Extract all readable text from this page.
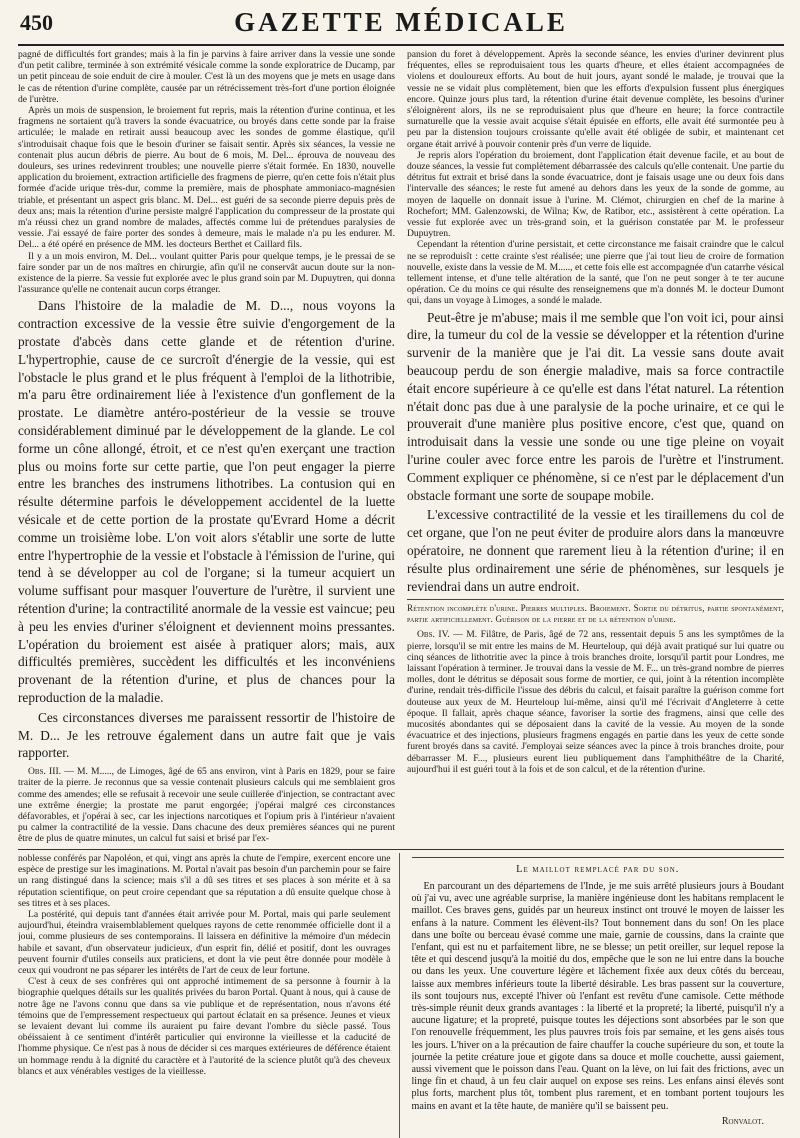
450	GAZETTE MÉDICALE

pagné de difficultés fort grandes; mais à la fin je parvins à faire arriver dans la vessie une sonde d'un petit calibre, terminée à son extrémité vésicale comme la sonde exploratrice de Ducamp, par un petit pinceau de soie enduit de cire à mouler. C'est là un des moyens que je mets en usage dans le cas de rétention d'urine complète, causée par un rétrécissement très-fort d'une portion éloignée de l'urètre.

Après un mois de suspension, le broiement fut repris, mais la rétention d'urine continua, et les fragmens ne sortaient qu'à travers la sonde évacuatrice, ou broyés dans cette sonde par la fraise articulée; le malade en retirait aussi beaucoup avec les sondes de gomme élastique, qu'il s'introduisait chaque fois que le besoin d'uriner se faisait sentir. Après six séances, la vessie ne contenait plus aucun débris de pierre. Au bout de 6 mois, M. Del... éprouva de nouveau des douleurs, ses urines redevinrent troubles; une nouvelle pierre s'était formée. En 1830, nouvelle application du broiement, extraction artificielle des fragmens de pierre, qu'en cette fois n'était plus formée d'acide urique très-dur, comme la première, mais de phosphate ammoniaco-magnésien triable, et présentant un aspect gris blanc. M. Del... est guéri de sa seconde pierre depuis près de deux ans; mais la rétention d'urine persiste malgré l'application du compresseur de la prostate qui m'a réussi chez un grand nombre de malades, affectés comme lui de prétendues paralysies de vessie. J'ai essayé de faire porter des sondes à demeure, mais le malade n'a pu les endurer. M. Del... a été opéré en présence de MM. les docteurs Berthet et Caillard fils.

Il y a un mois environ, M. Del... voulant quitter Paris pour quelque temps, je le pressai de se faire sonder par un de nos maîtres en chirurgie, afin qu'il ne conservât aucun doute sur la non-existence de la pierre. Sa vessie fut explorée avec le plus grand soin par M. Dupuytren, qui donna l'assurance qu'elle ne contenait aucun corps étranger.

Dans l'histoire de la maladie de M. D..., nous voyons la contraction excessive de la vessie être suivie d'engorgement de la prostate d'abcès dans cette glande et de rétention d'urine. L'hypertrophie, cause de ce surcroît d'énergie de la vessie, qui est l'obstacle le plus grand et le plus fréquent à l'emploi de la lithotribie, m'a paru être ordinairement liée à l'existence d'un gonflement de la prostate. Le diamètre antéro-postérieur de la vessie se trouve considérablement diminué par le développement de la glande. Le col forme un cône allongé, étroit, et ce n'est qu'en exerçant une traction plus ou moins forte sur cette partie, que l'on peut engager la pierre entre les branches des instrumens lithotribes. La contusion qui en résulte détermine parfois le développement accidentel de la luette vésicale et de cette portion de la prostate qu'Evrard Home a décrit comme un troisième lobe. L'on voit alors s'établir une sorte de lutte entre l'hypertrophie de la vessie et l'obstacle à l'émission de l'urine, qui tend à se développer au col de l'organe; si la tumeur acquiert un volume suffisant pour masquer l'ouverture de l'urètre, il survient une rétention d'urine; la contractilité anormale de la vessie est vaincue; peu à peu les envies d'uriner s'éloignent et deviennent moins pressantes. L'opération du broiement est aisée à pratiquer alors; mais, aux difficultés premières, succèdent les difficultés et les inconvéniens provenant de la rétention d'urine, et plus de chances pour la reproduction de la maladie.

Ces circonstances diverses me paraissent ressortir de l'histoire de M. D... Je les retrouve également dans un autre fait que je vais rapporter.

Obs. III. — M. M....., de Limoges, âgé de 65 ans environ, vint à Paris en 1829, pour se faire traiter de la pierre. Je reconnus que sa vessie contenait plusieurs calculs qui me semblaient gros comme des amendes; elle se refusait à recevoir une seule cuillerée d'injection, se contractant avec une extrême énergie; la prostate me parut engorgée; j'opérai malgré ces circonstances défavorables, et j'opérai à sec, car les injections narcotiques et l'opium pris à l'intérieur n'avaient pu calmer la contractilité de la vessie. Dans chacune des deux premières séances qui ne purent être de plus de quatre minutes, un calcul fut saisi et brisé par l'ex-

pansion du foret à développement. Après la seconde séance, les envies d'uriner devinrent plus fréquentes, elles se reproduisaient tous les quarts d'heure, et elles étaient accompagnées de violens et douloureux efforts. Au bout de huit jours, ayant sondé le malade, je trouvai que la vessie ne se vidait plus complètement, bien que les efforts d'expulsion fussent plus énergiques encore. Quinze jours plus tard, la rétention d'urine était devenue complète, les besoins d'uriner s'éloignèrent alors, ils ne se reproduisaient plus que d'heure en heure; la force contractile surnaturelle que la vessie avait acquise s'était épuisée en efforts, elle avait été surmontée peu à peu par la distension toujours croissante qu'elle avait été obligée de subir, et maintenant cet organe était arrivé à pouvoir contenir près d'un verre de liquide.

Je repris alors l'opération du broiement, dont l'application était devenue facile, et au bout de douze séances, la vessie fut complètement débarrassée des calculs qu'elle contenait. Une partie du détritus fut extrait et brisé dans la sonde évacuatrice, dont je faisais usage une ou deux fois dans l'intervalle des séances; le reste fut amené au dehors dans les yeux de la sonde de gomme, au moyen de laquelle on donnait issue à l'urine. M. Clémot, chirurgien en chef de la marine à Rochefort; MM. Galenzowski, de Wilna; Kw, de Ratibor, etc., assistèrent à cette opération. La vessie fut explorée avec un très-grand soin, et la guérison constatée par M. le professeur Dupuytren.

Cependant la rétention d'urine persistait, et cette circonstance me faisait craindre que le calcul ne se reproduisît : cette crainte s'est réalisée; une pierre que j'ai tout lieu de croire de formation nouvelle, existe dans la vessie de M. M....., et cette fois elle est accompagnée d'un catarrhe vésical tellement intense, et d'une telle altération de la santé, que l'on ne peut songer à te ter aucune opération. Ce du moins ce qui résulte des renseignemens que m'a donnés M. le docteur Dumont qui, dans un voyage à Limoges, a sondé le malade.

Peut-être je m'abuse; mais il me semble que l'on voit ici, pour ainsi dire, la tumeur du col de la vessie se développer et la rétention d'urine survenir de la manière que je l'ai dit. La vessie sans doute avait beaucoup perdu de son énergie maladive, mais sa force contractile était encore supérieure à ce qu'elle est dans l'état naturel. La rétention n'était donc pas due à une paralysie de la poche urinaire, et ce qui le prouverait d'une manière plus positive encore, c'est que, quand on introduisait dans la vessie une sonde ou une tige pleine on voyait l'urine couler avec force entre les parois de l'urètre et l'instrument. Comment expliquer ce phénomène, si ce n'est par le déplacement d'un obstacle formant une sorte de soupape mobile.

L'excessive contractilité de la vessie et les tiraillemens du col de cet organe, que l'on ne peut éviter de produire alors dans la manœuvre opératoire, ne donnent que rarement lieu à la rétention d'urine; il en résulte plus ordinairement une série de phénomènes, sur lesquels je reviendrai dans un autre endroit.

Rétention incomplète d'urine. Pierres multiples. Broiement. Sortie du détritus, partie spontanément, partie artificiellement. Guérison de la pierre et de la rétention d'urine.

Obs. IV. — M. Filâtre, de Paris, âgé de 72 ans, ressentait depuis 5 ans les symptômes de la pierre, lorsqu'il se mit entre les mains de M. Heurteloup, qui déjà avait pratiqué sur lui quatre ou cinq séances de lithotritie avec la pince à trois branches droite, lorsqu'il partit pour Londres, me laissant l'opération à terminer. Je trouvai dans la vessie de M. F... un très-grand nombre de pierres molles, dont le détritus se déposait sous forme de mortier, ce qui, joint à la rétention incomplète d'urine, rendait très-difficile l'issue des débris du calcul, et faisait paraître la guérison comme fort douteuse aux yeux de M. Heurteloup lui-même, ainsi qu'il mé l'écrivait d'Angleterre à cette époque. Il fallait, après chaque séance, favoriser la sortie des fragmens, ainsi que celle des mucosités abondantes qui se déposaient dans la cavité de la vessie. Au moyen de la sonde évacuatrice et des injections, plusieurs fragmens engagés en partie dans les yeux de cette sonde furent broyés dans sa cavité. J'employai seize séances avec la pince à trois branches droite, pour débarrasser M. F..., plusieurs eurent lieu publiquement dans l'amphithéâtre de la Charité, aujourd'hui il est guéri tout à la fois et de son calcul, et de la rétention d'urine.

noblesse conférés par Napoléon, et qui, vingt ans après la chute de l'empire, exercent encore une espèce de prestige sur les imaginations. M. Portal n'avait pas besoin d'un parchemin pour se faire un rang distingué dans la science; mais s'il a dû ses titres et ses places à son mérite et à sa réputation scientifique, on peut croire cependant que sa réputation a dû ensuite quelque chose à ses titres et à ses places.

La postérité, qui depuis tant d'années était arrivée pour M. Portal, mais qui parle seulement aujourd'hui, éteindra vraisemblablement quelques rayons de cette renommée officielle dont il a joui, comme plusieurs de ses contemporains. Il laissera en définitive la mémoire d'un médecin habile et savant, d'un observateur judicieux, d'un esprit fin, délié et positif, dont les ouvrages peuvent fournir d'utiles conseils aux praticiens, et dont la vie peut être donnée pour modèle à ceux qui voudront ne pas séparer les intérêts de l'art de ceux de leur fortune.

C'est à ceux de ses confrères qui ont approché intimement de sa personne à fournir à la biographie quelques détails sur les qualités privées du baron Portal. Quant à nous, qui à cause de notre âge ne l'avons connu que dans sa vie publique et de représentation, nous n'avons été témoins que de l'empressement respectueux qui partout éclatait en sa présence. Jeunes et vieux se levaient devant lui comme ils auraient pu faire devant l'ombre du siècle passé. Tous obéissaient à ce sentiment d'intérêt particulier qui environne la vieillesse et la caducité de l'homme physique. Ce n'est pas à nous de décider si ces marques extérieures de déférence étaient un hommage rendu à la dignité du caractère et à l'autorité de la science plutôt qu'à des cheveux blancs et aux vénérables vestiges de la vieillesse.

Le maillot remplacé par du son.

En parcourant un des départemens de l'Inde, je me suis arrêté plusieurs jours à Boudant où j'ai vu, avec une agréable surprise, la manière ingénieuse dont les habitans remplacent le maillot. Ces braves gens, guidés par un heureux instinct ont trouvé le moyen de laisser les enfans à la nature. Comment les élèvent-ils? Tout bonnement dans du son! On les place dans une boîte ou berceau évasé comme une maie, garnie de coussins, dans la crainte que l'enfant, qui est nu et parfaitement libre, ne se blesse; un petit oreiller, sur lequel repose la tête et qui descend jusqu'à la moitié du dos, empêche que le son ne lui entre dans la bouche ou dans les yeux. Une couverture légère et lâchement fixée aux deux côtés du berceau, laisse aux membres inférieurs toute la liberté désirable. Les bras passent sur la couverture, ils sont toujours nus, excepté l'hiver où l'enfant est revêtu d'une camisole. Cette méthode très-simple réunit deux grands avantages : la liberté et la propreté; la liberté, puisqu'il n'y a aucune ligature; et la propreté, puisque toutes les déjections sont absorbées par le son que l'on renouvelle fréquemment, les plus pauvres trois fois par semaine, et les gens aisés tous les jours. L'hiver on a la précaution de faire chauffer la couche supérieure du son, et toute la journée la petite créature joue et gigote dans sa douce et molle couchette, aussi gaiement, aussi vivement que le poisson dans l'eau. Quant on la lève, on lui fait des frictions, avec un linge fin et chaud, à un feu clair auquel on expose ses reins. Les enfans ainsi élevés sont plus forts, marchent plus tôt, tombent plus rarement, et en tombant portent toujours les mains en avant et la tête haute, de manière qu'il se baissent peu.

Ronvalot.
